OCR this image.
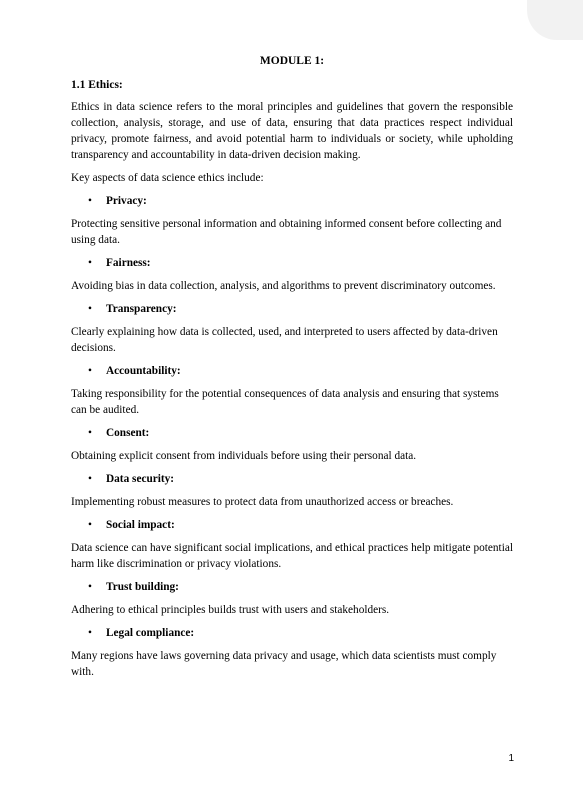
MODULE 1:
1.1 Ethics:

Ethics in data science refers to the moral principles and guidelines that govern the responsible collection, analysis, storage, and use of data, ensuring that data practices respect individual privacy, promote fairness, and avoid potential harm to individuals or society, while upholding transparency and accountability in data-driven decision making.

Key aspects of data science ethics include:

• Privacy:

Protecting sensitive personal information and obtaining informed consent before collecting and using data.

• Fairness:

Avoiding bias in data collection, analysis, and algorithms to prevent discriminatory outcomes.

• Transparency:

Clearly explaining how data is collected, used, and interpreted to users affected by data-driven decisions.

• Accountability:

Taking responsibility for the potential consequences of data analysis and ensuring that systems can be audited.

• Consent:

Obtaining explicit consent from individuals before using their personal data.

• Data security:

Implementing robust measures to protect data from unauthorized access or breaches.

• Social impact:

Data science can have significant social implications, and ethical practices help mitigate potential harm like discrimination or privacy violations.

• Trust building:

Adhering to ethical principles builds trust with users and stakeholders.

• Legal compliance:

Many regions have laws governing data privacy and usage, which data scientists must comply with.

1
